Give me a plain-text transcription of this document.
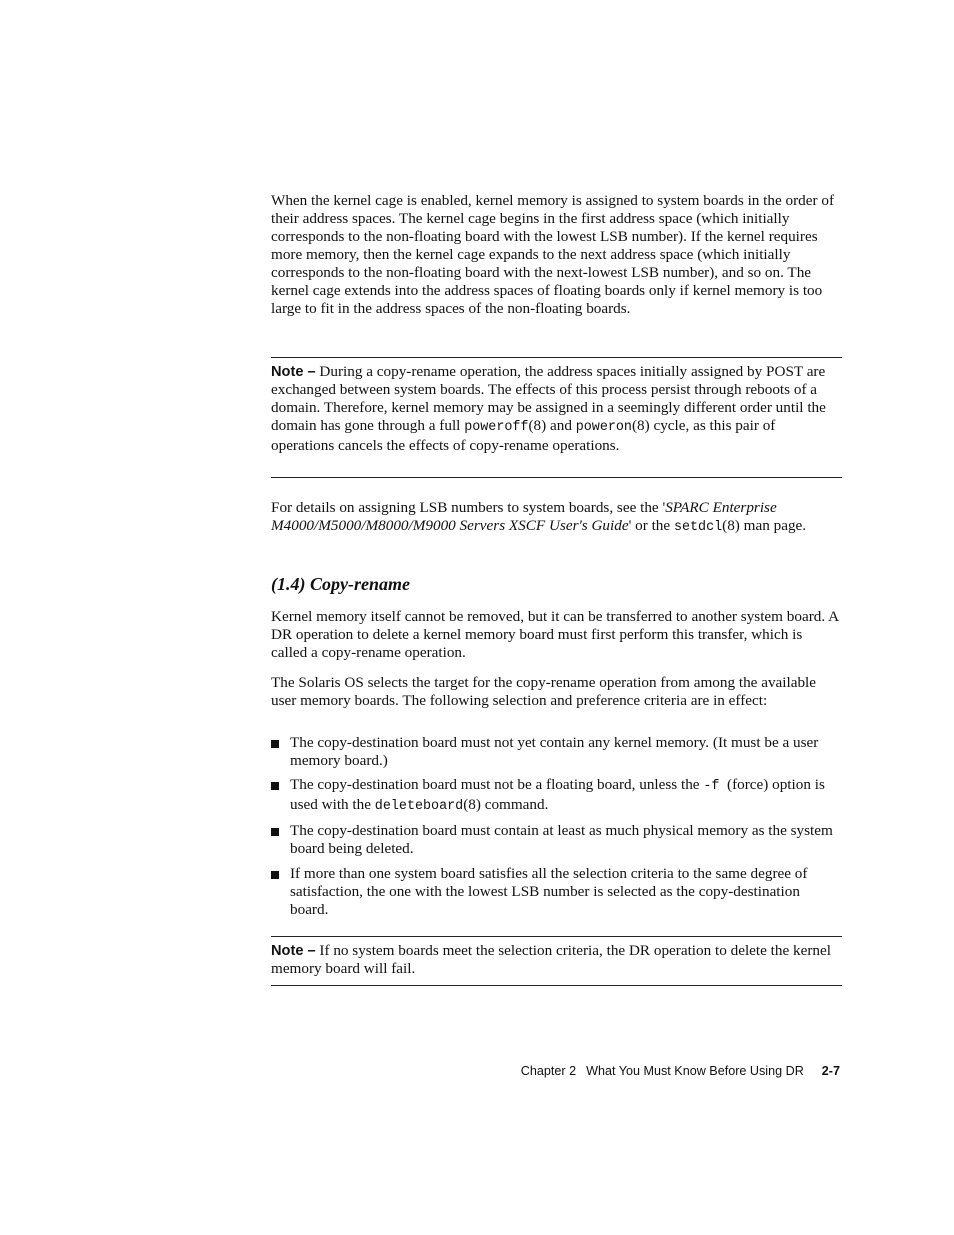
When the kernel cage is enabled, kernel memory is assigned to system boards in the order of their address spaces. The kernel cage begins in the first address space (which initially corresponds to the non-floating board with the lowest LSB number). If the kernel requires more memory, then the kernel cage expands to the next address space (which initially corresponds to the non-floating board with the next-lowest LSB number), and so on. The kernel cage extends into the address spaces of floating boards only if kernel memory is too large to fit in the address spaces of the non-floating boards.

Note – During a copy-rename operation, the address spaces initially assigned by POST are exchanged between system boards. The effects of this process persist through reboots of a domain. Therefore, kernel memory may be assigned in a seemingly different order until the domain has gone through a full poweroff(8) and poweron(8) cycle, as this pair of operations cancels the effects of copy-rename operations.

For details on assigning LSB numbers to system boards, see the 'SPARC Enterprise M4000/M5000/M8000/M9000 Servers XSCF User's Guide' or the setdcl(8) man page.

(1.4) Copy-rename

Kernel memory itself cannot be removed, but it can be transferred to another system board. A DR operation to delete a kernel memory board must first perform this transfer, which is called a copy-rename operation.

The Solaris OS selects the target for the copy-rename operation from among the available user memory boards. The following selection and preference criteria are in effect:

The copy-destination board must not yet contain any kernel memory. (It must be a user memory board.)
The copy-destination board must not be a floating board, unless the -f  (force) option is used with the deleteboard(8) command.
The copy-destination board must contain at least as much physical memory as the system board being deleted.
If more than one system board satisfies all the selection criteria to the same degree of satisfaction, the one with the lowest LSB number is selected as the copy-destination board.

Note – If no system boards meet the selection criteria, the DR operation to delete the kernel memory board will fail.

Chapter 2 What You Must Know Before Using DR 2-7
